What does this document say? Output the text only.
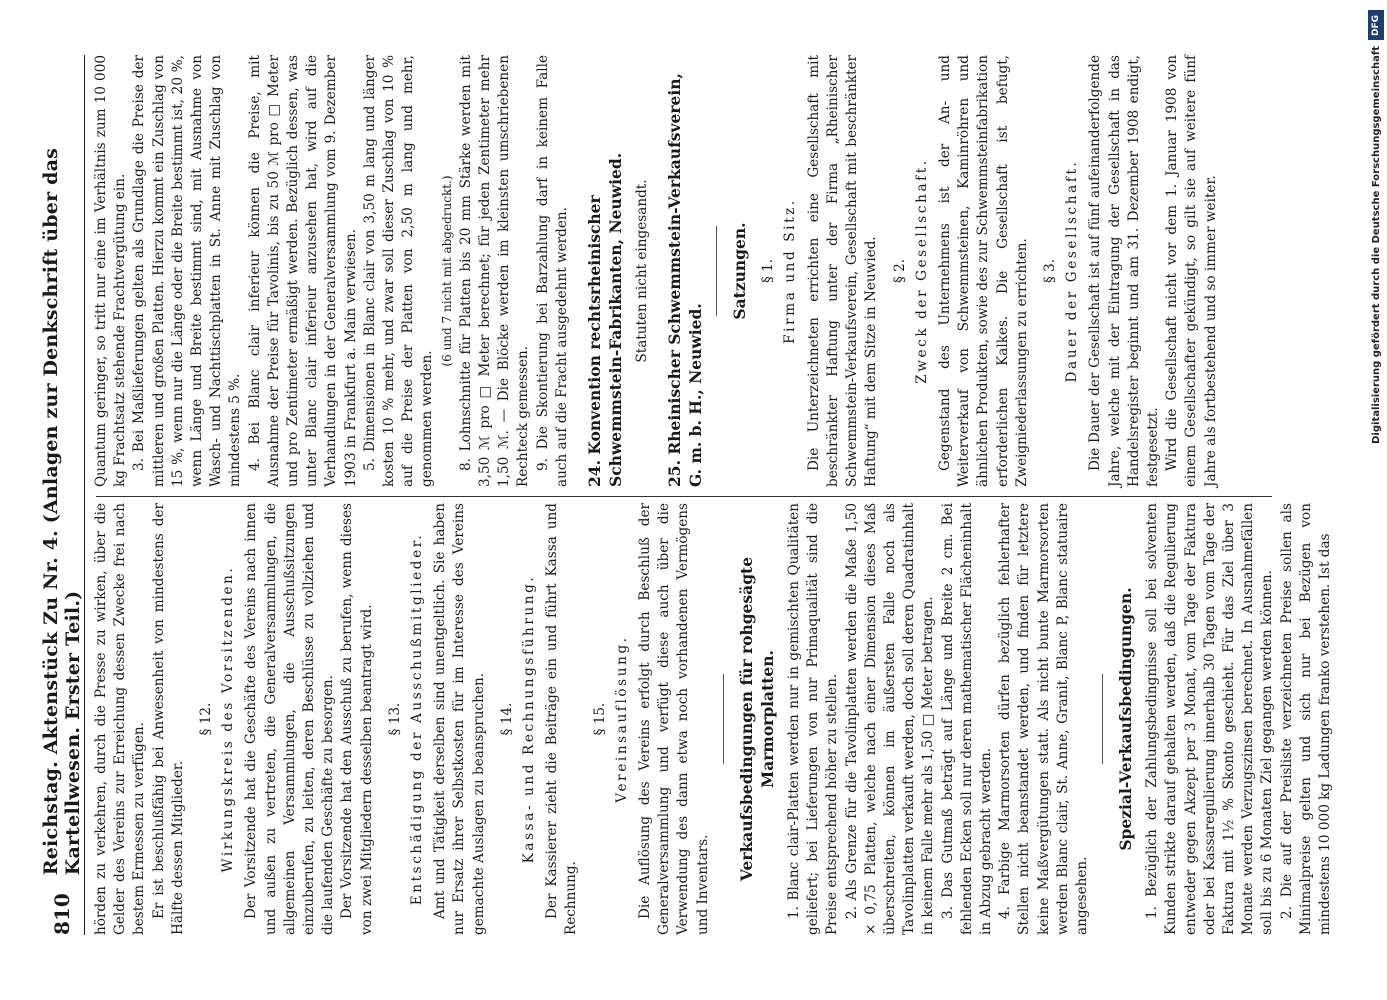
810
Reichstag. Aktenstück Zu Nr. 4. (Anlagen zur Denkschrift über das Kartellwesen. Erster Teil.) hörden zu verkehren, durch die Presse zu wirken, über die Gelder des Vereins zur Erreichung dessen Zwecke frei nach bestem Ermessen zu verfügen. Er ist beschlußfähig bei Anwesenheit von mindestens der Hälfte dessen Mitglieder.

§ 12. Wirkungskreis des Vorsitzenden. Der Vorsitzende hat die Geschäfte des Vereins nach innen und außen zu vertreten, die Generalversammlungen, die allgemeinen Versammlungen, die Ausschußsitzungen einzuberufen, zu leiten, deren Beschlüsse zu vollziehen und die laufenden Geschäfte zu besorgen. Der Vorsitzende hat den Ausschuß zu berufen, wenn dieses von zwei Mitgliedern desselben beantragt wird. § 13. Entschädigung der Ausschußmitglieder. Amt und Tätigkeit derselben sind unentgeltlich. Sie haben nur Ersatz ihrer Selbstkosten für im Interesse des Vereins gemachte Auslagen zu beanspruchen. § 14. Kassa- und Rechnungsführung. Der Kassierer zieht die Beiträge ein und führt Kassa und Rechnung.

§ 15. Vereinsauflösung. Die Auflösung des Vereins erfolgt durch Beschluß der Generalversammlung und verfügt diese auch über die Verwendung des dann etwa noch vorhandenen Vermögens und Inventars.

Verkaufsbedingungen für rohgesägte Marmorplatten. 1. Blanc clair-Platten werden nur in gemischten Qualitäten geliefert; bei Lieferungen von nur Primaqualität sind die Preise entsprechend höher zu stellen. 2. Als Grenze für die Tavolinplatten werden die Maße 1,50 × 0,75 Platten, welche nach einer Dimension dieses Maß überschreiten, können im äußersten Falle noch als Tavolinplatten verkauft werden, doch soll deren Quadratinhalt in keinem Falle mehr als 1,50 □ Meter betragen. 3. Das Gutmaß beträgt auf Länge und Breite 2 cm. Bei fehlenden Ecken soll nur deren mathematischer Flächeninhalt in Abzug gebracht werden. 4. Farbige Marmorsorten dürfen bezüglich fehlerhafter Stellen nicht beanstandet werden, und finden für letztere keine Maßvergütungen statt. Als nicht bunte Marmorsorten werden Blanc clair, St. Anne, Granit, Blanc P, Blanc statuaire angesehen.

Spezial-Verkaufsbedingungen. 1. Bezüglich der Zahlungsbedingnisse soll bei solventen Kunden strikte darauf gehalten werden, daß die Regulierung entweder gegen Akzept per 3 Monat, vom Tage der Faktura oder bei Kassaregulierung innerhalb 30 Tagen vom Tage der Faktura mit 1½ % Skonto geschieht. Für das Ziel über 3 Monate werden Verzugszinsen berechnet. In Ausnahmefällen soll bis zu 6 Monaten Ziel gegangen werden können. 2. Die auf der Preisliste verzeichneten Preise sollen als Minimalpreise gelten und sich nur bei Bezügen von mindestens 10 000 kg Ladungen franko verstehen. Ist das

Quantum geringer, so tritt nur eine im Verhältnis zum 10 000 kg Frachtsatz stehende Frachtvergütung ein. 3. Bei Maßlieferungen gelten als Grundlage die Preise der mittleren und großen Platten. Hierzu kommt ein Zuschlag von 15 %, wenn nur die Länge oder die Breite bestimmt ist, 20 %, wenn Länge und Breite bestimmt sind, mit Ausnahme von Wasch- und Nachttischplatten in St. Anne mit Zuschlag von mindestens 5 %. 4. Bei Blanc clair inferieur können die Preise, mit Ausnahme der Preise für Tavolinis, bis zu 50 ℳ pro □ Meter und pro Zentimeter ermäßigt werden. Bezüglich dessen, was unter Blanc clair inferieur anzusehen hat, wird auf die Verhandlungen in der Generalversammlung vom 9. Dezember 1903 in Frankfurt a. Main verwiesen. 5. Dimensionen in Blanc clair von 3,50 m lang und länger kosten 10 % mehr, und zwar soll dieser Zuschlag von 10 % auf die Preise der Platten von 2,50 m lang und mehr, genommen werden.

(6 und 7 nicht mit abgedruckt.) 8. Lohnschnitte für Platten bis 20 mm Stärke werden mit 3,50 ℳ pro □ Meter berechnet; für jeden Zentimeter mehr 1,50 ℳ. — Die Blöcke werden im kleinsten umschriebenen Rechteck gemessen. 9. Die Skontierung bei Barzahlung darf in keinem Falle auch auf die Fracht ausgedehnt werden. 24. Konvention rechtsrheinischer Schwemmstein-Fabrikanten, Neuwied. Statuten nicht eingesandt. 25. Rheinischer Schwemmstein-Verkaufsverein, G. m. b. H., Neuwied.
Satzungen. § 1. Firma und Sitz. Die Unterzeichneten errichten eine Gesellschaft mit beschränkter Haftung unter der Firma „Rheinischer Schwemmstein-Verkaufsverein, Gesellschaft mit beschränkter Haftung“ mit dem Sitze in Neuwied. § 2. Zweck der Gesellschaft. Gegenstand des Unternehmens ist der An- und Weiterverkauf von Schwemmsteinen, Kaminröhren und ähnlichen Produkten, sowie des zur Schwemmsteinfabrikation erforderlichen Kalkes. Die Gesellschaft ist befugt, Zweigniederlassungen zu errichten. § 3. Dauer der Gesellschaft. Die Dauer der Gesellschaft ist auf fünf aufeinanderfolgende Jahre, welche mit der Eintragung der Gesellschaft in das Handelsregister beginnt und am 31. Dezember 1908 endigt, festgesetzt. Wird die Gesellschaft nicht vor dem 1. Januar 1908 von einem Gesellschafter gekündigt, so gilt sie auf weitere fünf Jahre als fortbestehend und so immer weiter.

DFG
Digitalisierung gefördert durch die Deutsche Forschungsgemeinschaft
